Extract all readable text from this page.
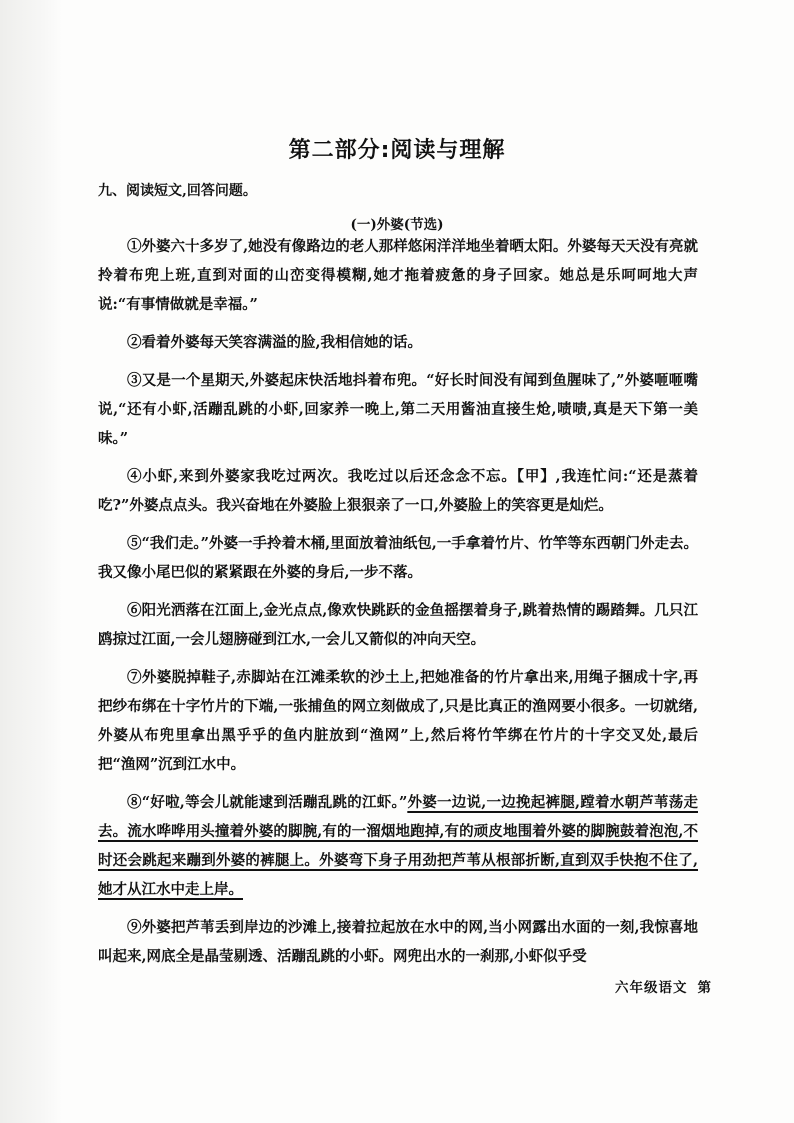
第二部分:阅读与理解
九、阅读短文,回答问题。
(一)外婆(节选)

①外婆六十多岁了,她没有像路边的老人那样悠闲洋洋地坐着晒太阳。外婆每天天没有亮就拎着布兜上班,直到对面的山峦变得模糊,她才拖着疲惫的身子回家。她总是乐呵呵地大声说:“有事情做就是幸福。”

②看着外婆每天笑容满溢的脸,我相信她的话。

③又是一个星期天,外婆起床快活地抖着布兜。“好长时间没有闻到鱼腥味了,”外婆咂咂嘴说,“还有小虾,活蹦乱跳的小虾,回家养一晚上,第二天用酱油直接生炝,啧啧,真是天下第一美味。”

④小虾,来到外婆家我吃过两次。我吃过以后还念念不忘。【甲】,我连忙问:“还是蒸着吃?”外婆点点头。我兴奋地在外婆脸上狠狠亲了一口,外婆脸上的笑容更是灿烂。

⑤“我们走。”外婆一手拎着木桶,里面放着油纸包,一手拿着竹片、竹竿等东西朝门外走去。我又像小尾巴似的紧紧跟在外婆的身后,一步不落。

⑥阳光洒落在江面上,金光点点,像欢快跳跃的金鱼摇摆着身子,跳着热情的踢踏舞。几只江鸥掠过江面,一会儿翅膀碰到江水,一会儿又箭似的冲向天空。

⑦外婆脱掉鞋子,赤脚站在江滩柔软的沙土上,把她准备的竹片拿出来,用绳子捆成十字,再把纱布绑在十字竹片的下端,一张捕鱼的网立刻做成了,只是比真正的渔网要小很多。一切就绪,外婆从布兜里拿出黑乎乎的鱼内脏放到“渔网”上,然后将竹竿绑在竹片的十字交叉处,最后把“渔网”沉到江水中。

⑧“好啦,等会儿就能逮到活蹦乱跳的江虾。”外婆一边说,一边挽起裤腿,蹚着水朝芦苇荡走去。流水哗哗用头撞着外婆的脚腕,有的一溜烟地跑掉,有的顽皮地围着外婆的脚腕鼓着泡泡,不时还会跳起来蹦到外婆的裤腿上。外婆弯下身子用劲把芦苇从根部折断,直到双手快抱不住了,她才从江水中走上岸。

⑨外婆把芦苇丢到岸边的沙滩上,接着拉起放在水中的网,当小网露出水面的一刻,我惊喜地叫起来,网底全是晶莹剔透、活蹦乱跳的小虾。网兜出水的一刹那,小虾似乎受

六年级语文 第
